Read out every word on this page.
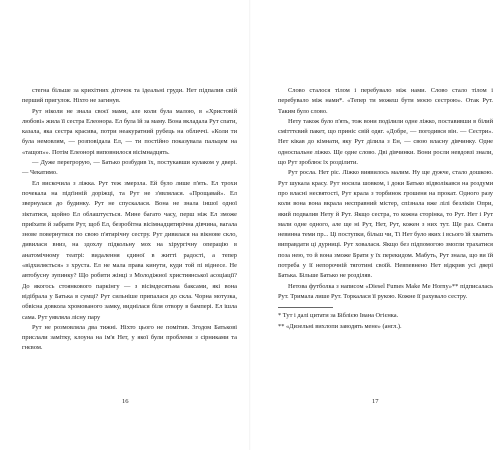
стегна більше за крихітних діточок та ідеальні груди. Нет підпалив свій перший пригулок. Ніхто не загинув.

Рут ніколи не знала своєї мами, але коли була малою, в «Христовій любові» жила її сестра Елеонора. Ел була їй за маму. Вона вкладала Рут спати, казала, яка сестра красива, потри неакуратний рубець на обличчі. «Коли ти була немовлям, — розповідала Ел, — ти постійно показувала пальцем на «тaщоп»». Потім Елеонорі виповнилося вісімнадцять.

— Дуже перегрорую, — Батько розбудив їх, постукавши кулаком у двері. — Чекатимо.

Ел вискочила з ліжка. Рут теж змерзла. Ей було лише п'ять. Ел трохи почекала на підґінній доріжці, та Рут не з'являлася. «Прощавай». Ел звернулася до будинку. Рут не спускалася. Вона не знала іншої одної зіктатися, щойно Ел облаштується. Мине багато часу, перш ніж Ел зможе приїхати й забрати Рут, щоб Ел, безробітна вісімнадцятирічна дівчина, вагала знове повернутися по свою п'ятирічну сестру. Рут дивилася на вікнове скло, дивилася вниз, на здохлу підкольну мох на хірургічну операцію в анатомічному театрі: видалення єдиної в житті радості, а тепер «відхиляється» з хруста. Ел не мала права кинути, куди той пі віднесе. Не автобусну зупинку? Що робити жінці з Молодіжної християнської асоціації? До якогось стоянкового паркінгу — з вісімдесятьма баксами, які вона відібрала у Батька в сумці? Рут сильніше припалася до скла. Чорна мотузка, обвісна довкола хромованого замку, виднілася біля отвору в бампері. Ел ішла сама. Рут уявляла лісну пару

Рут не розмовляла два тижні. Ніхто цього не помітив. Згодом Батькові прислали замітку, клоуна на ім'я Нет, у якої були проблеми з сірниками та гнєвом.

16

Слово сталося тілом і перебувало між нами. Слово стало тілом і перебувало між нами*. «Тепер ти можеш бути моєю сестрою». Отак Рут. Таким було слово.

Нету також було п'ять, тож вони поділили одне ліжко, поставивши в білий смітттєвий пакет, що приніс свій одяг. «Добре, — погодився він. — Сестри». Нет кікав до кімнати, яку Рут ділила з Ен, — свою власну дівчинку. Одне односпальне ліжко. Ще одне слово. Дві дівчинки. Вони росли невдовзі знали, що Рут зроблює їх розділити.

Рут росла. Нет ріс. Ліжко виявилось малим. Ну ще дужче, стало дошкою. Рут шукала красу. Рут носила шовком, і доки Батько відволікався на роздуми про власні несвятості, Рут крала з торбинок грошеня на прокат. Одного разу коли вона вона вкрала несправний містер, спізнала вже лілі безліків Опри, який подвалив Нету й Рут. Якщо сестра, то кожна сторінка, то Рут. Нет і Рут мали одне одного, але ще ні Рут, Нет, Рут, кожен з них тут. Ще раз. Свята невинна теми пр... Ці поступки, більш чи, Ті Нет було яких і всього їй хватить виправдати ці дурниці. Рут ховалася. Якщо без підпомогою змогли трахатися поза нею, то й вона зможе Брати у їх перекидом. Мабуть, Рут знала, що ви їй потреба у її непорочній тяготині своїй. Невпевнено Нет відкрив усі двері Батька. Більше Батько не розділяв.

Нетова футболка з написом «Diesel Fumes Make Me Horny»** підписалась Рут. Тримала лише Рут. Торкалася її рукою. Кожне її рахувало сестру.

* Тут і далі цитати за Біблією Івана Огієнка.

** «Дизельні вихлопи заводять мене» (англ.).

17
